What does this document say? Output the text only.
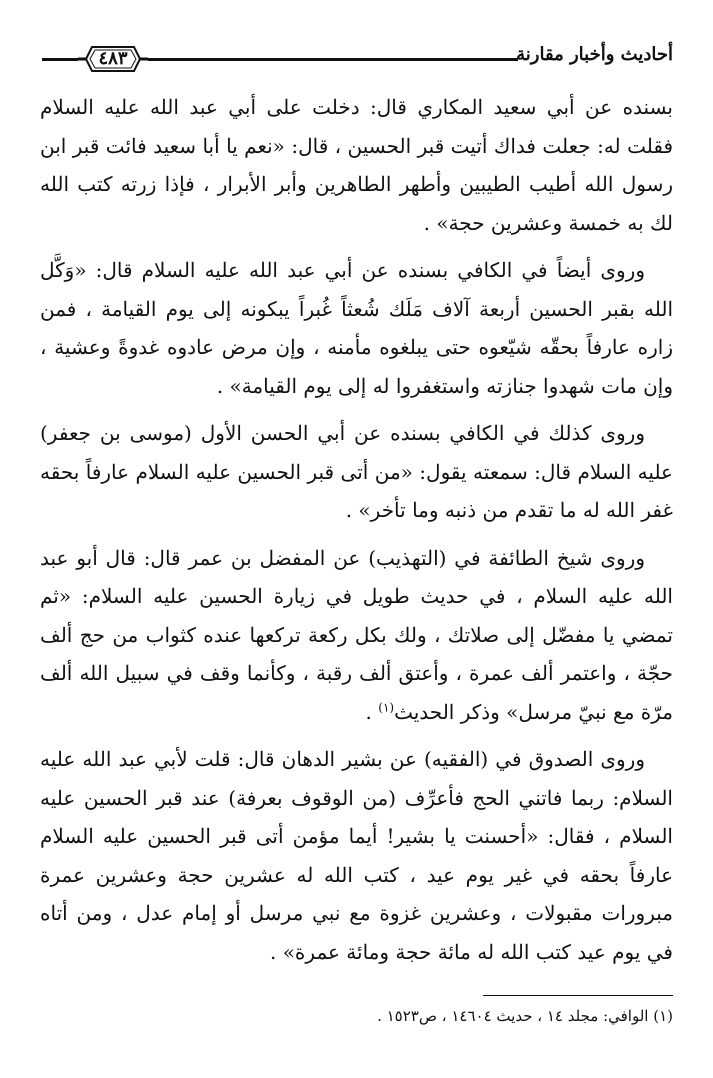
٤٨٣	أحاديث وأخبار مقارنة

بسنده عن أبي سعيد المكاري قال: دخلت على أبي عبد الله عليه السلام فقلت له: جعلت فداك أتيت قبر الحسين ، قال: «نعم يا أبا سعيد فائت قبر ابن رسول الله أطيب الطيبين وأطهر الطاهرين وأبر الأبرار ، فإذا زرته كتب الله لك به خمسة وعشرين حجة» .

وروى أيضاً في الكافي بسنده عن أبي عبد الله عليه السلام قال: «وَكَّل الله بقبر الحسين أربعة آلاف مَلَك شُعثاً غُبراً يبكونه إلى يوم القيامة ، فمن زاره عارفاً بحقّه شيّعوه حتى يبلغوه مأمنه ، وإن مرض عادوه غدوةً وعشية ، وإن مات شهدوا جنازته واستغفروا له إلى يوم القيامة» .

وروى كذلك في الكافي بسنده عن أبي الحسن الأول (موسى بن جعفر) عليه السلام قال: سمعته يقول: «من أتى قبر الحسين عليه السلام عارفاً بحقه غفر الله له ما تقدم من ذنبه وما تأخر» .

وروى شيخ الطائفة في (التهذيب) عن المفضل بن عمر قال: قال أبو عبد الله عليه السلام ، في حديث طويل في زيارة الحسين عليه السلام: «ثم تمضي يا مفضّل إلى صلاتك ، ولك بكل ركعة تركعها عنده كثواب من حج ألف حجّة ، واعتمر ألف عمرة ، وأعتق ألف رقبة ، وكأنما وقف في سبيل الله ألف مرّة مع نبيّ مرسل» وذكر الحديث$^{(١)}$ .

وروى الصدوق في (الفقيه) عن بشير الدهان قال: قلت لأبي عبد الله عليه السلام: ربما فاتني الحج فأعرِّف (من الوقوف بعرفة) عند قبر الحسين عليه السلام ، فقال: «أحسنت يا بشير! أيما مؤمن أتى قبر الحسين عليه السلام عارفاً بحقه في غير يوم عيد ، كتب الله له عشرين حجة وعشرين عمرة مبرورات مقبولات ، وعشرين غزوة مع نبي مرسل أو إمام عدل ، ومن أتاه في يوم عيد كتب الله له مائة حجة ومائة عمرة» .

(١) الوافي: مجلد ١٤ ، حديث ١٤٦٠٤ ، ص١٥٢٣ .
